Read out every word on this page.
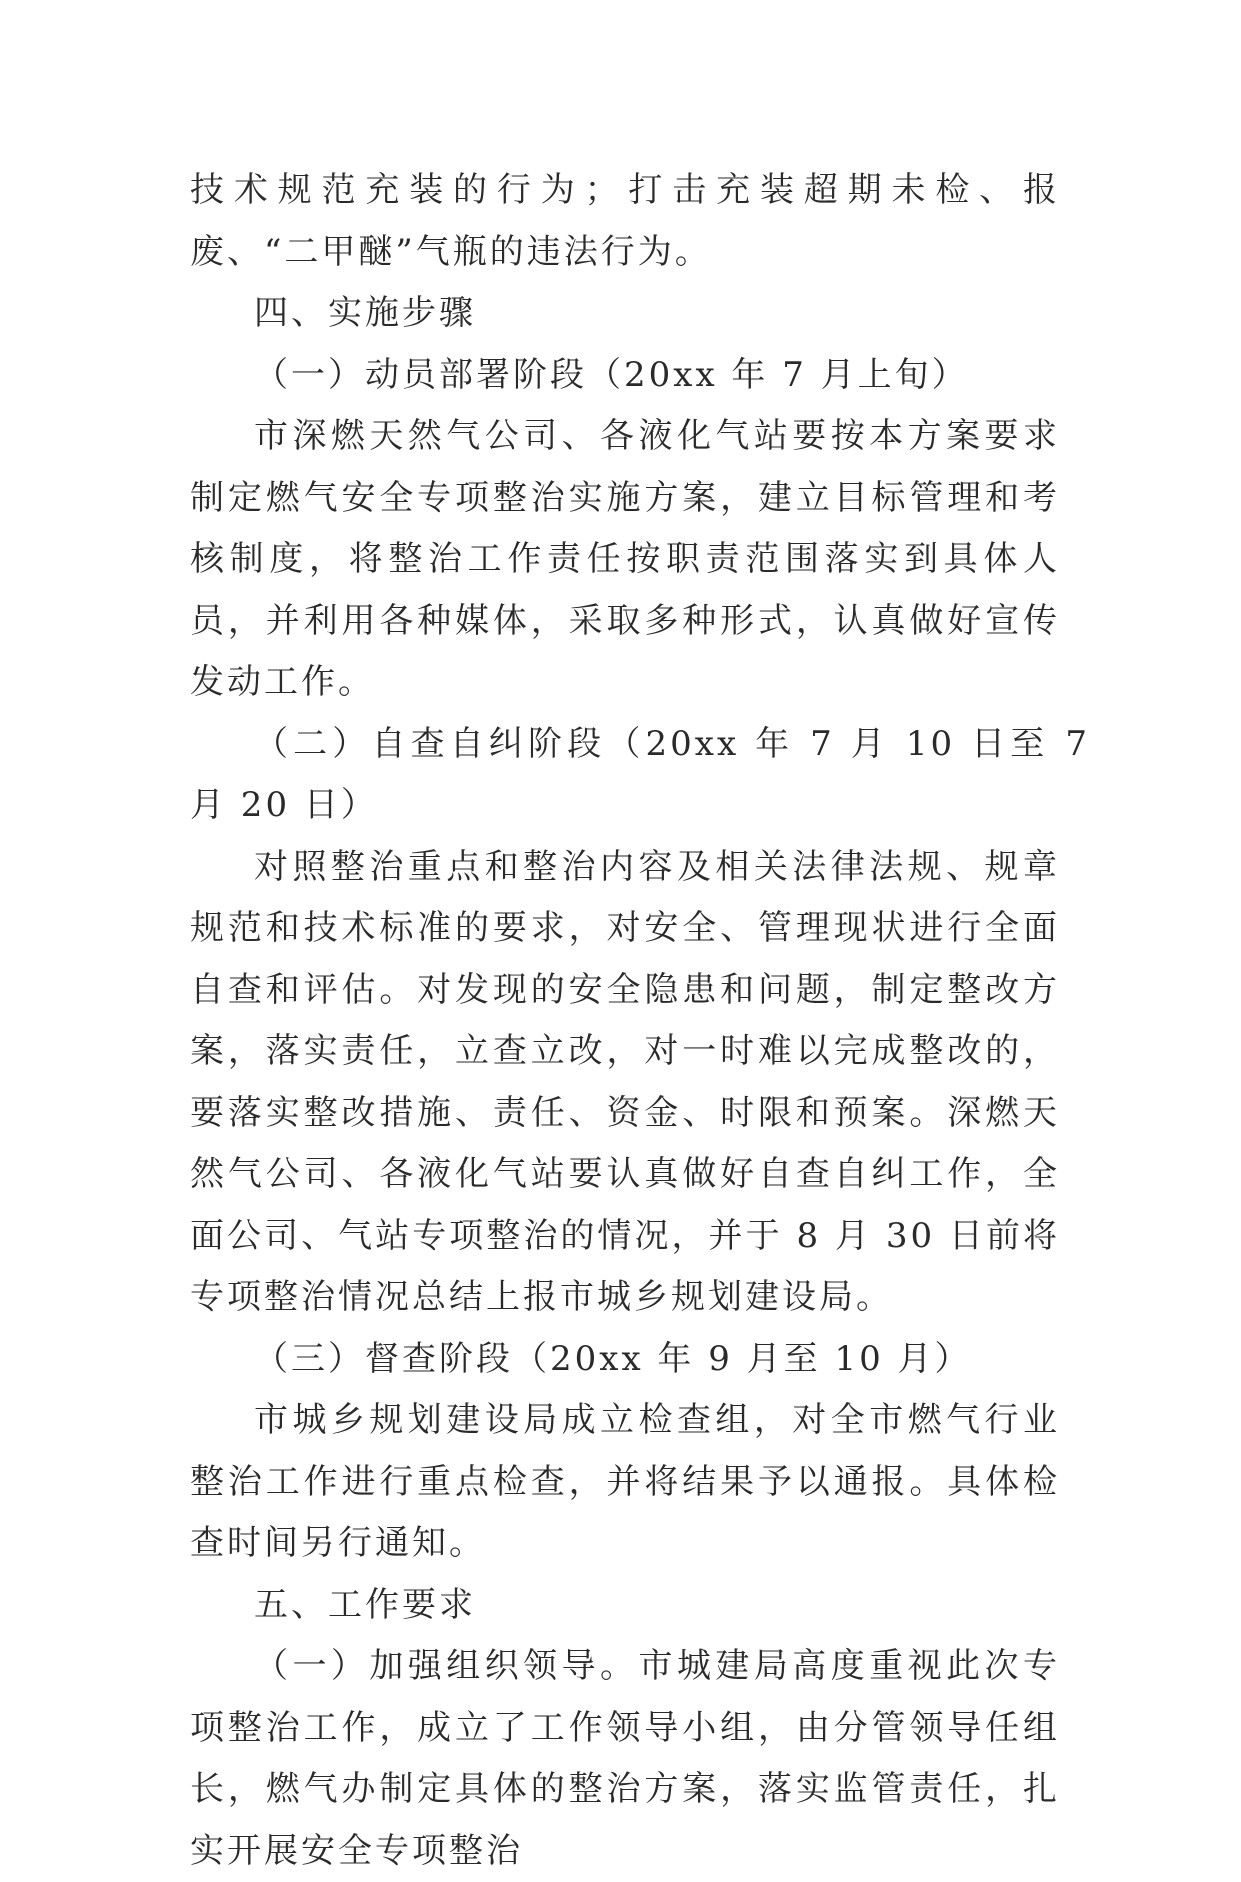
技术规范充装的行为；打击充装超期未检、报废、“二甲醚”气瓶的违法行为。

四、实施步骤

（一）动员部署阶段（20xx 年 7 月上旬）

市深燃天然气公司、各液化气站要按本方案要求制定燃气安全专项整治实施方案，建立目标管理和考核制度，将整治工作责任按职责范围落实到具体人员，并利用各种媒体，采取多种形式，认真做好宣传发动工作。

（二）自查自纠阶段（20xx 年 7 月 10 日至 7 月 20 日）

对照整治重点和整治内容及相关法律法规、规章规范和技术标准的要求，对安全、管理现状进行全面自查和评估。对发现的安全隐患和问题，制定整改方案，落实责任，立查立改，对一时难以完成整改的，要落实整改措施、责任、资金、时限和预案。深燃天然气公司、各液化气站要认真做好自查自纠工作，全面公司、气站专项整治的情况，并于 8 月 30 日前将专项整治情况总结上报市城乡规划建设局。

（三）督查阶段（20xx 年 9 月至 10 月）

市城乡规划建设局成立检查组，对全市燃气行业整治工作进行重点检查，并将结果予以通报。具体检查时间另行通知。

五、工作要求

（一）加强组织领导。市城建局高度重视此次专项整治工作，成立了工作领导小组，由分管领导任组长，燃气办制定具体的整治方案，落实监管责任，扎实开展安全专项整治
